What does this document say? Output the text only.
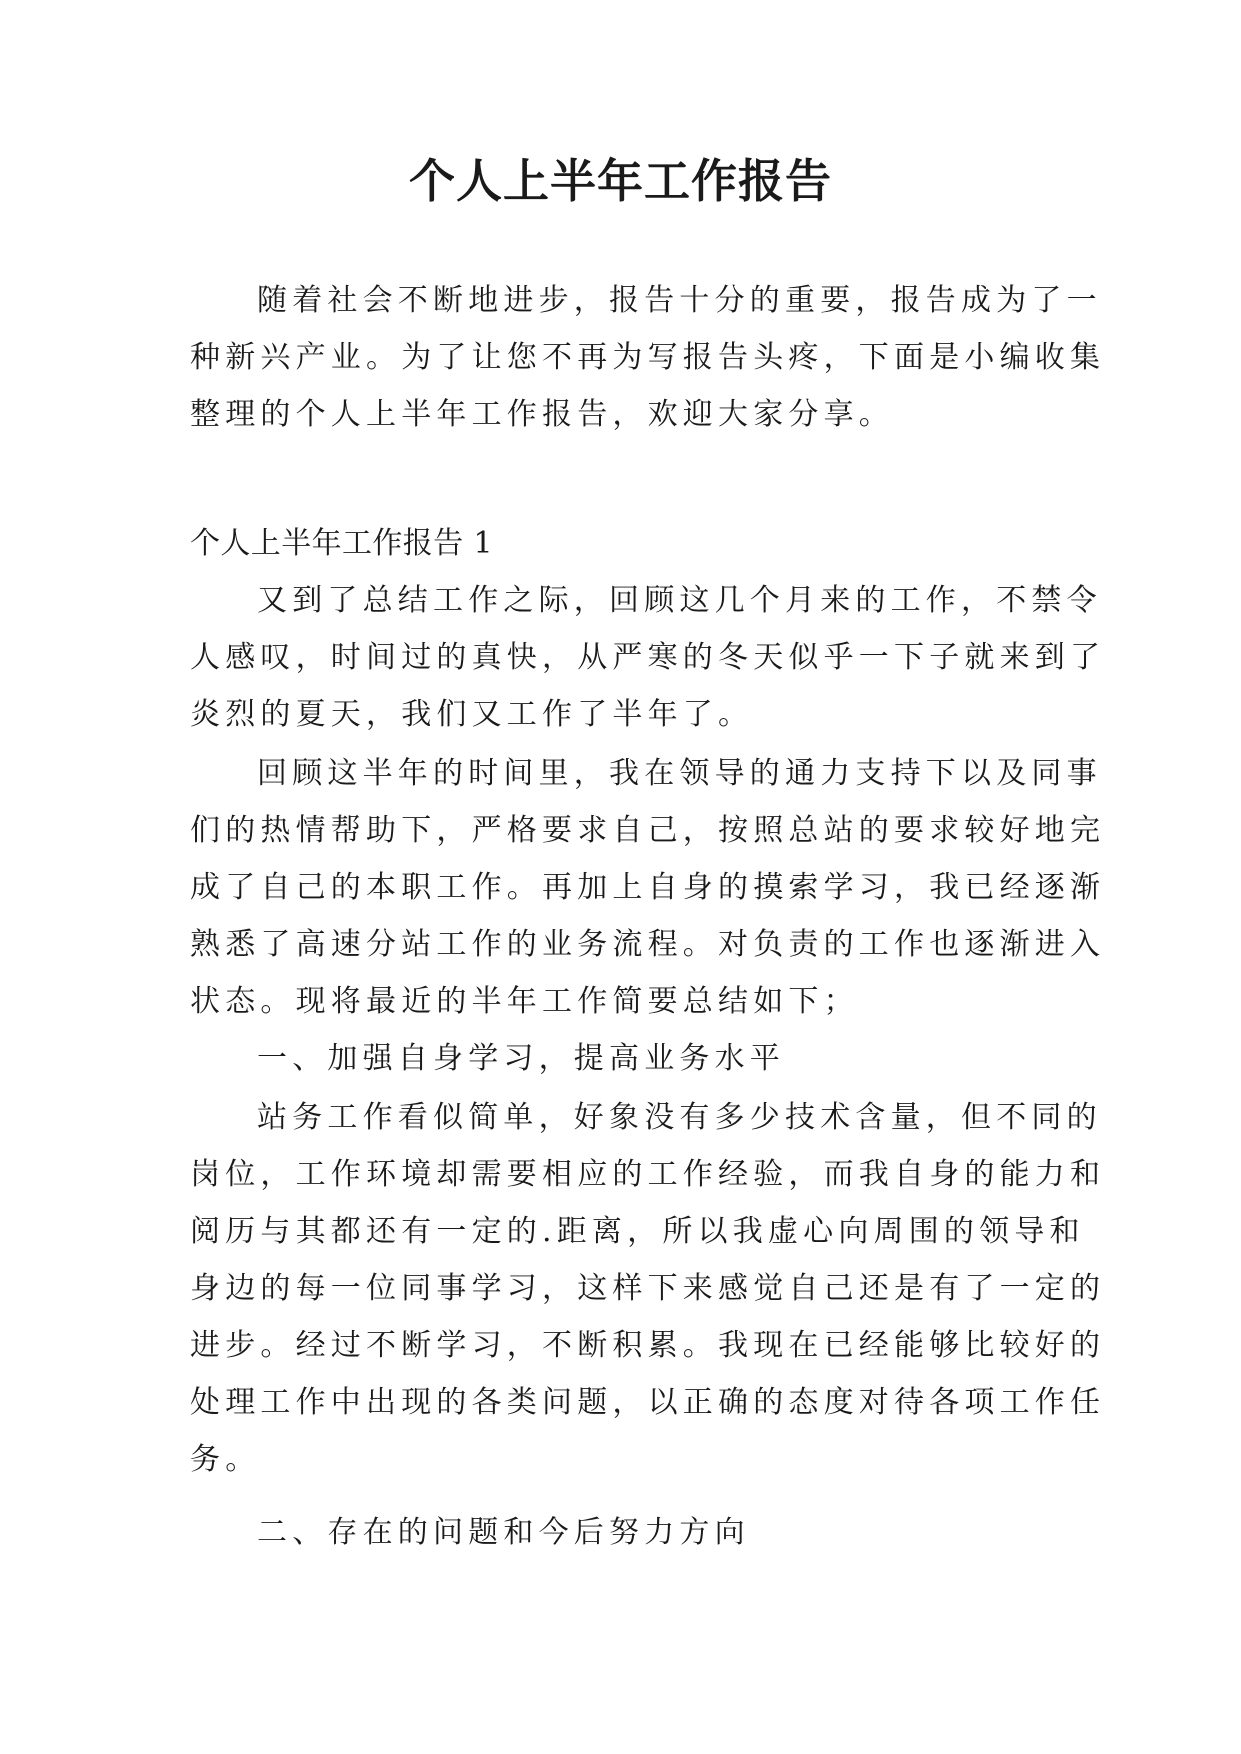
个人上半年工作报告
随着社会不断地进步，报告十分的重要，报告成为了一
种新兴产业。为了让您不再为写报告头疼，下面是小编收集
整理的个人上半年工作报告，欢迎大家分享。
个人上半年工作报告 1
又到了总结工作之际，回顾这几个月来的工作，不禁令
人感叹，时间过的真快，从严寒的冬天似乎一下子就来到了
炎烈的夏天，我们又工作了半年了。
回顾这半年的时间里，我在领导的通力支持下以及同事
们的热情帮助下，严格要求自己，按照总站的要求较好地完
成了自己的本职工作。再加上自身的摸索学习，我已经逐渐
熟悉了高速分站工作的业务流程。对负责的工作也逐渐进入
状态。现将最近的半年工作简要总结如下；
一、加强自身学习，提高业务水平
站务工作看似简单，好象没有多少技术含量，但不同的
岗位，工作环境却需要相应的工作经验，而我自身的能力和
阅历与其都还有一定的.距离，所以我虚心向周围的领导和
身边的每一位同事学习，这样下来感觉自己还是有了一定的
进步。经过不断学习，不断积累。我现在已经能够比较好的
处理工作中出现的各类问题，以正确的态度对待各项工作任
务。
二、存在的问题和今后努力方向
